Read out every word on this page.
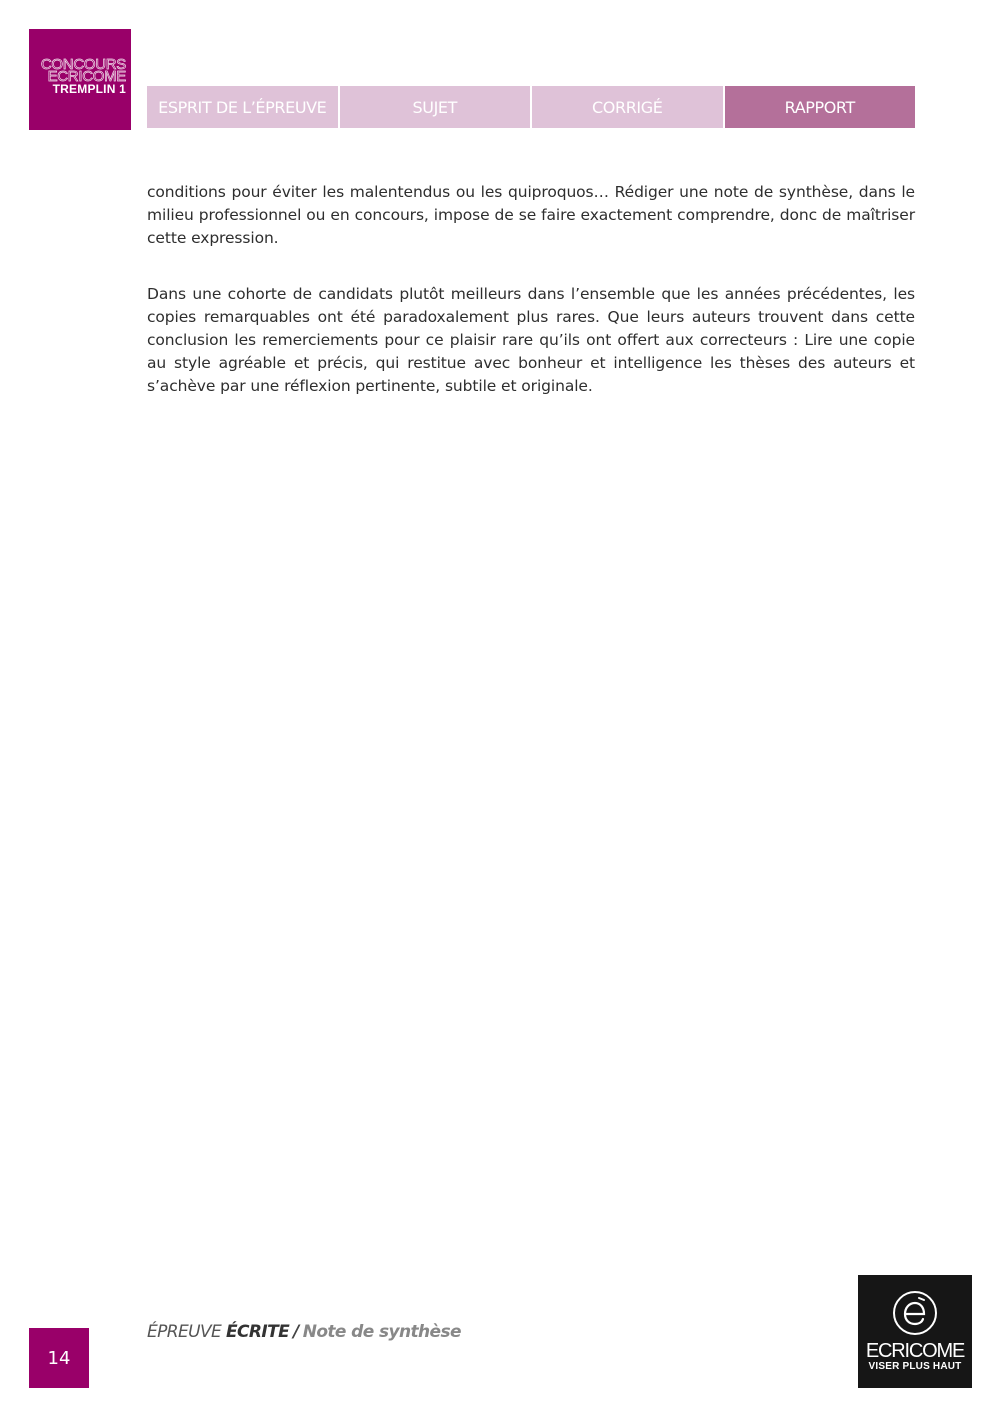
CONCOURS
ECRICOME
TREMPLIN 1
ESPRIT DE L’ÉPREUVE	SUJET	CORRIGÉ	RAPPORT

conditions pour éviter les malentendus ou les quiproquos… Rédiger une note de synthèse, dans le milieu professionnel ou en concours, impose de se faire exactement comprendre, donc de maîtriser cette expression.

Dans une cohorte de candidats plutôt meilleurs dans l’ensemble que les années précédentes, les copies remarquables ont été paradoxalement plus rares. Que leurs auteurs trouvent dans cette conclusion les remerciements pour ce plaisir rare qu’ils ont offert aux correcteurs : Lire une copie au style agréable et précis, qui restitue avec bonheur et intelligence les thèses des auteurs et s’achève par une réflexion pertinente, subtile et originale.

14
ÉPREUVE ÉCRITE / Note de synthèse
ECRICOME
VISER PLUS HAUT
